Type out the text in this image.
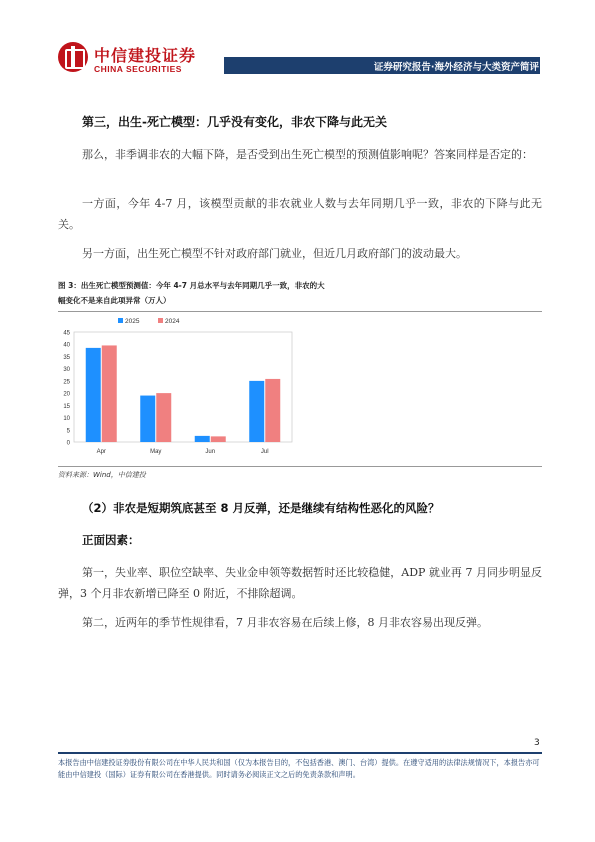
中信建投证券
CHINA SECURITIES	证券研究报告·海外经济与大类资产简评
第三，出生-死亡模型：几乎没有变化，非农下降与此无关

那么，非季调非农的大幅下降，是否受到出生死亡模型的预测值影响呢？答案同样是否定的：

一方面，今年 4-7 月，该模型贡献的非农就业人数与去年同期几乎一致，非农的下降与此无关。

另一方面，出生死亡模型不针对政府部门就业，但近几月政府部门的波动最大。

图 3：出生死亡模型预测值：今年 4-7 月总水平与去年同期几乎一致，非农的大幅变化不是来自此项异常（万人）
0
5
10
15
20
25
30
35
40
45
Apr	May	Jun	Jul
2025	2024
资料来源：Wind，中信建投
（2）非农是短期筑底甚至 8 月反弹，还是继续有结构性恶化的风险？
正面因素：

第一，失业率、职位空缺率、失业金申领等数据暂时还比较稳健，ADP 就业再 7 月同步明显反弹，3 个月非农新增已降至 0 附近，不排除超调。

第二，近两年的季节性规律看，7 月非农容易在后续上修，8 月非农容易出现反弹。

3
本报告由中信建投证券股份有限公司在中华人民共和国（仅为本报告目的，不包括香港、澳门、台湾）提供。在遵守适用的法律法规情况下，本报告亦可能由中信建投（国际）证券有限公司在香港提供。同时请务必阅读正文之后的免责条款和声明。
